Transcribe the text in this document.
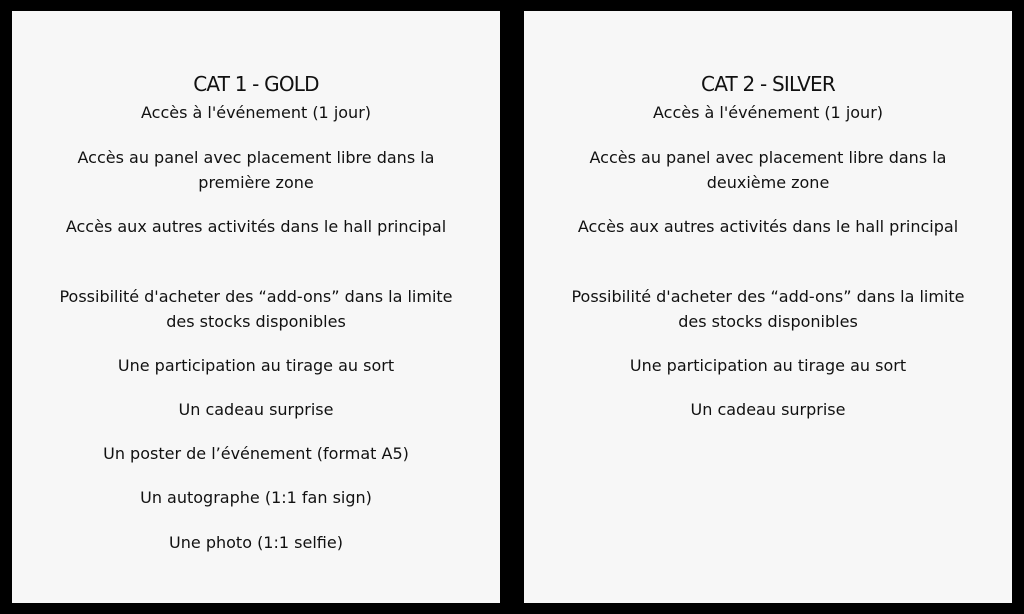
CAT 1 - GOLD

Accès à l'événement (1 jour)

Accès au panel avec placement libre dans la première zone

Accès aux autres activités dans le hall principal

Possibilité d'acheter des “add-ons” dans la limite des stocks disponibles

Une participation au tirage au sort

Un cadeau surprise

Un poster de l’événement (format A5)

Un autographe (1:1 fan sign)

Une photo (1:1 selfie)

CAT 2 - SILVER

Accès à l'événement (1 jour)

Accès au panel avec placement libre dans la deuxième zone

Accès aux autres activités dans le hall principal

Possibilité d'acheter des “add-ons” dans la limite des stocks disponibles

Une participation au tirage au sort

Un cadeau surprise
